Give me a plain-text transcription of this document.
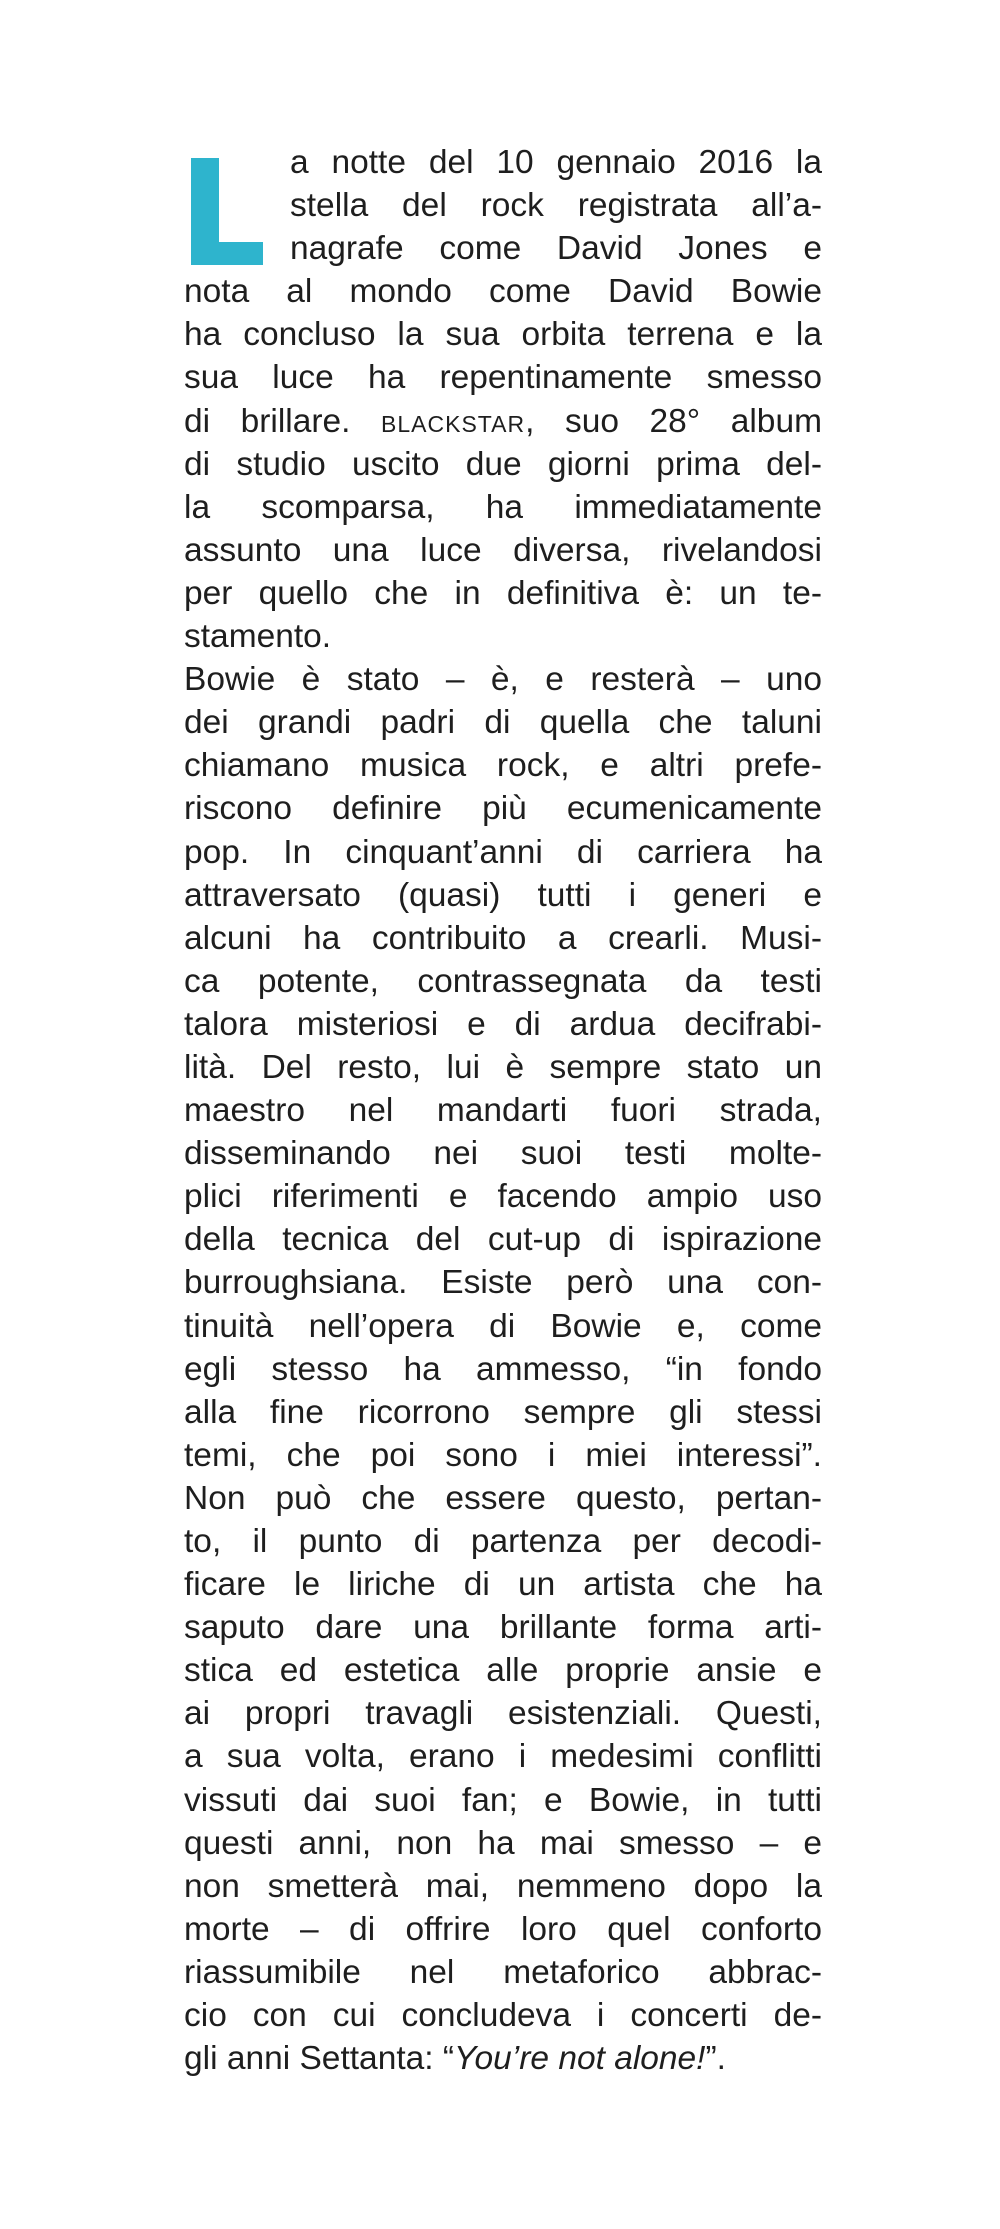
a notte del 10 gennaio 2016 la
stella del rock registrata all’a-
nagrafe come David Jones e
nota al mondo come David Bowie
ha concluso la sua orbita terrena e la
sua luce ha repentinamente smesso
di brillare. blackstar, suo 28° album
di studio uscito due giorni prima del-
la scomparsa, ha immediatamente
assunto una luce diversa, rivelandosi
per quello che in definitiva è: un te-
stamento.
Bowie è stato – è, e resterà – uno
dei grandi padri di quella che taluni
chiamano musica rock, e altri prefe-
riscono definire più ecumenicamente
pop. In cinquant’anni di carriera ha
attraversato (quasi) tutti i generi e
alcuni ha contribuito a crearli. Musi-
ca potente, contrassegnata da testi
talora misteriosi e di ardua decifrabi-
lità. Del resto, lui è sempre stato un
maestro nel mandarti fuori strada,
disseminando nei suoi testi molte-
plici riferimenti e facendo ampio uso
della tecnica del cut-up di ispirazione
burroughsiana. Esiste però una con-
tinuità nell’opera di Bowie e, come
egli stesso ha ammesso, “in fondo
alla fine ricorrono sempre gli stessi
temi, che poi sono i miei interessi”.
Non può che essere questo, pertan-
to, il punto di partenza per decodi-
ficare le liriche di un artista che ha
saputo dare una brillante forma arti-
stica ed estetica alle proprie ansie e
ai propri travagli esistenziali. Questi,
a sua volta, erano i medesimi conflitti
vissuti dai suoi fan; e Bowie, in tutti
questi anni, non ha mai smesso – e
non smetterà mai, nemmeno dopo la
morte – di offrire loro quel conforto
riassumibile nel metaforico abbrac-
cio con cui concludeva i concerti de-
gli anni Settanta: “You’re not alone!”.
